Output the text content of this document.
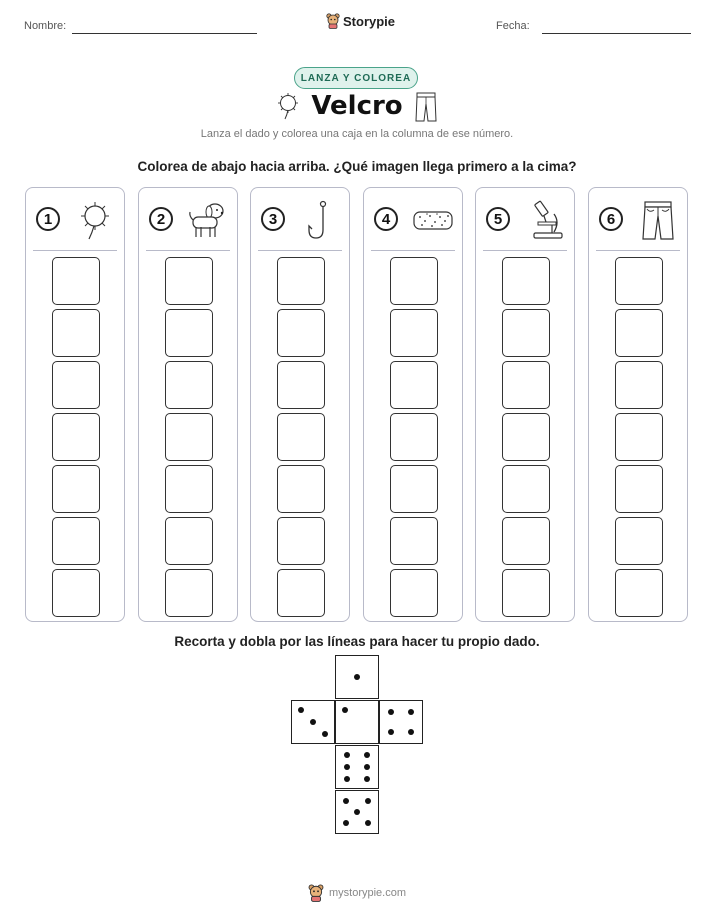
Nombre:	Storypie	Fecha:
LANZA Y COLOREA
Velcro
Lanza el dado y colorea una caja en la columna de ese número.
Colorea de abajo hacia arriba. ¿Qué imagen llega primero a la cima?
1	2	3	4	5	6
Recorta y dobla por las líneas para hacer tu propio dado.
mystorypie.com
